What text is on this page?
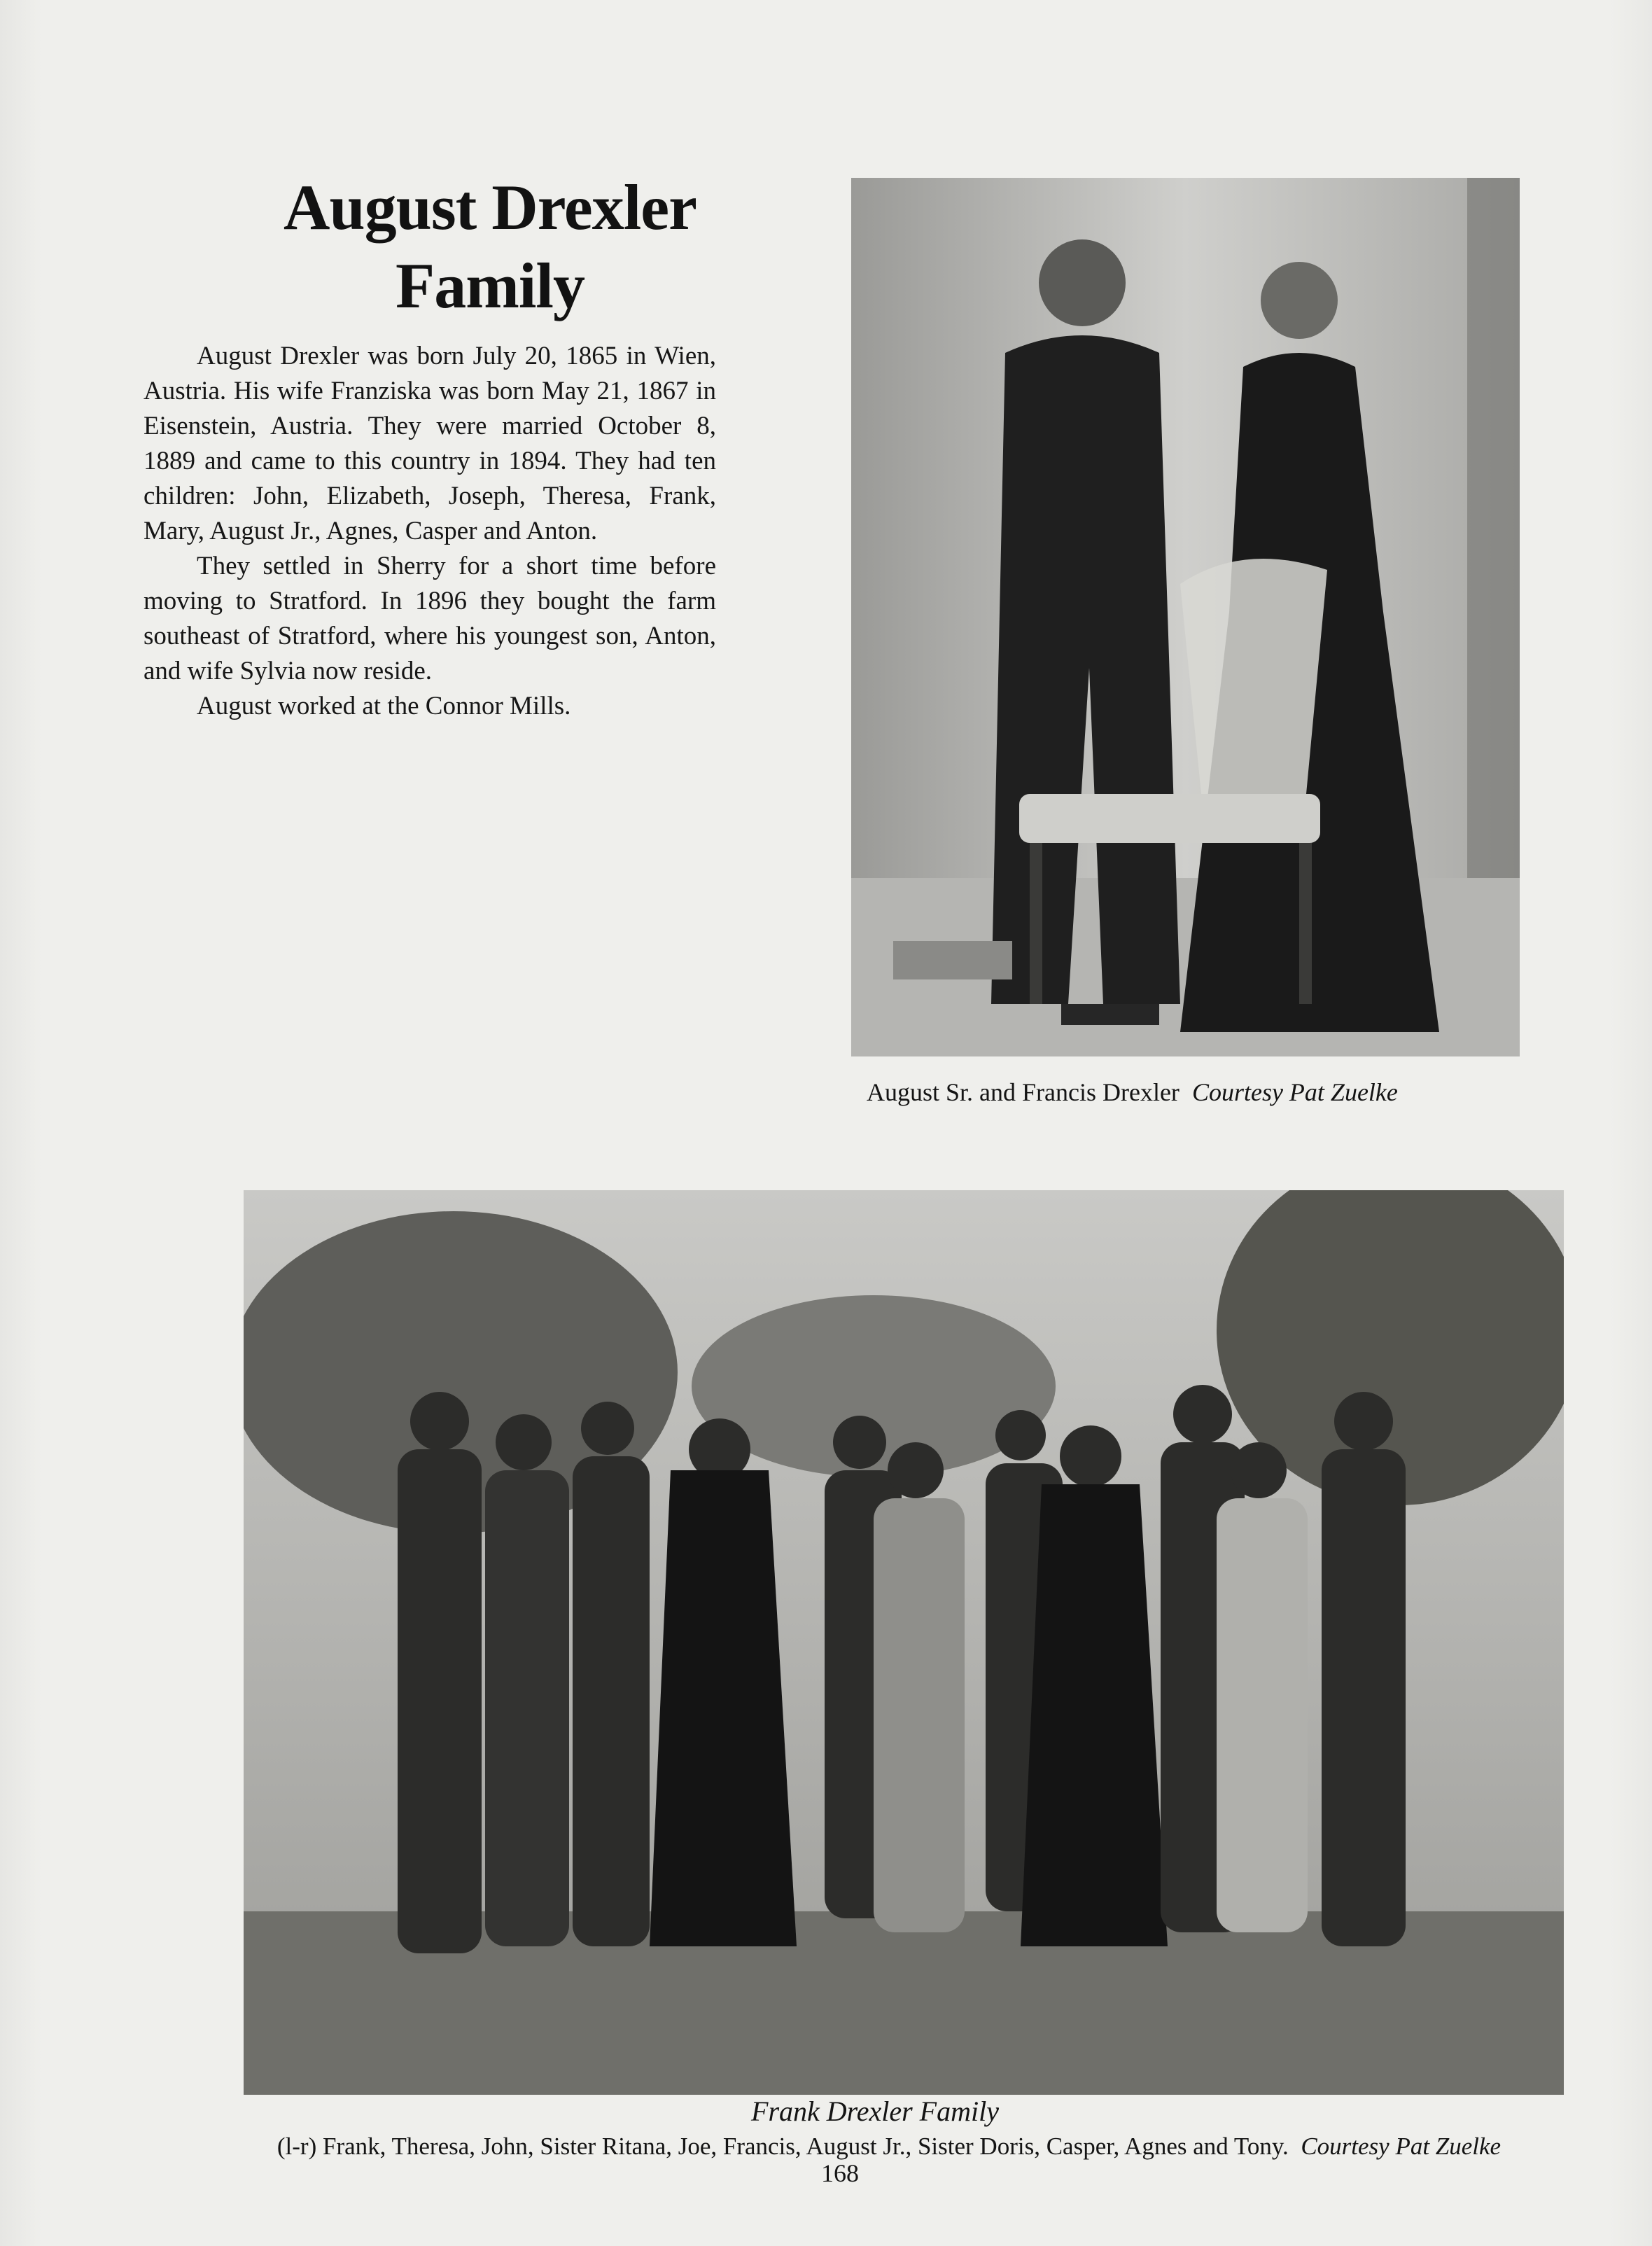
August Drexler
Family

August Drexler was born July 20, 1865 in Wien, Austria. His wife Franziska was born May 21, 1867 in Eisenstein, Austria. They were married October 8, 1889 and came to this country in 1894. They had ten children: John, Elizabeth, Joseph, Theresa, Frank, Mary, August Jr., Agnes, Casper and Anton.

They settled in Sherry for a short time before moving to Stratford. In 1896 they bought the farm southeast of Stratford, where his youngest son, Anton, and wife Sylvia now reside.

August worked at the Connor Mills.

August Sr. and Francis Drexler Courtesy Pat Zuelke
Frank Drexler Family
(l-r) Frank, Theresa, John, Sister Ritana, Joe, Francis, August Jr., Sister Doris, Casper, Agnes and Tony. Courtesy Pat Zuelke
168
